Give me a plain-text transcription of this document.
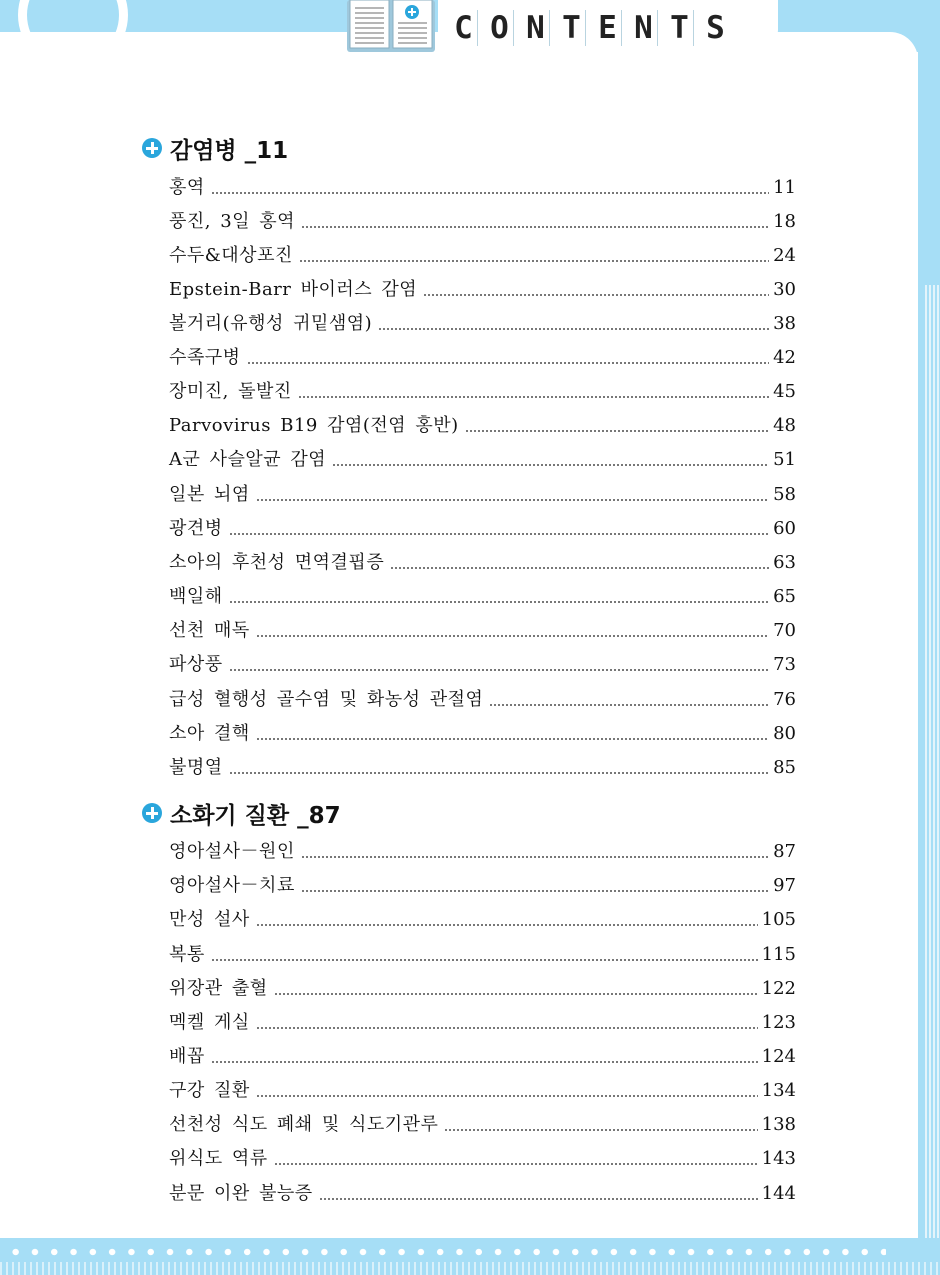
C O N T E N T S
감염병 _11
홍역	11
풍진, 3일 홍역	18
수두&대상포진	24
Epstein-Barr 바이러스 감염	30
볼거리(유행성 귀밑샘염)	38
수족구병	42
장미진, 돌발진	45
Parvovirus B19 감염(전염 홍반)	48
A군 사슬알균 감염	51
일본 뇌염	58
광견병	60
소아의 후천성 면역결핍증	63
백일해	65
선천 매독	70
파상풍	73
급성 혈행성 골수염 및 화농성 관절염	76
소아 결핵	80
불명열	85
소화기 질환 _87
영아설사－원인	87
영아설사－치료	97
만성 설사	105
복통	115
위장관 출혈	122
멕켈 게실	123
배꼽	124
구강 질환	134
선천성 식도 폐쇄 및 식도기관루	138
위식도 역류	143
분문 이완 불능증	144
